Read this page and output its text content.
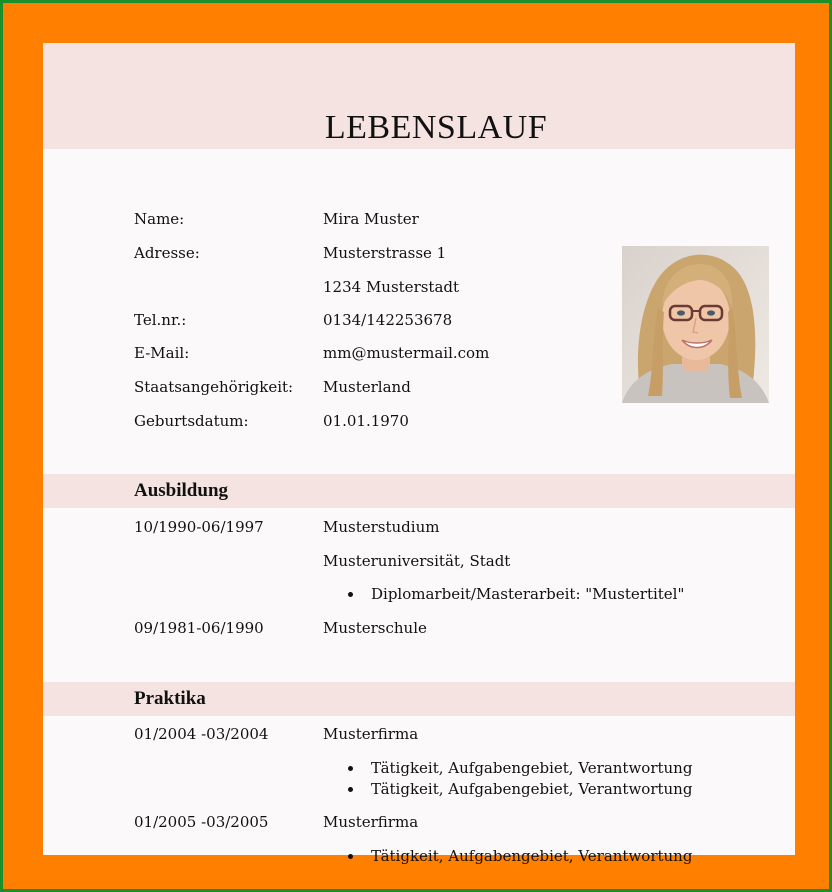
LEBENSLAUF
Name:	Mira Muster
Adresse:	Musterstrasse 1
1234 Musterstadt
Tel.nr.:	0134/142253678
E-Mail:	mm@mustermail.com
Staatsangehörigkeit: Musterland
Geburtsdatum:	01.01.1970
Ausbildung
10/1990-06/1997	Musterstudium
Musteruniversität, Stadt
Diplomarbeit/Masterarbeit: "Mustertitel"
09/1981-06/1990	Musterschule
Praktika
01/2004 -03/2004	Musterfirma
Tätigkeit, Aufgabengebiet, Verantwortung
Tätigkeit, Aufgabengebiet, Verantwortung
01/2005 -03/2005	Musterfirma
Tätigkeit, Aufgabengebiet, Verantwortung
